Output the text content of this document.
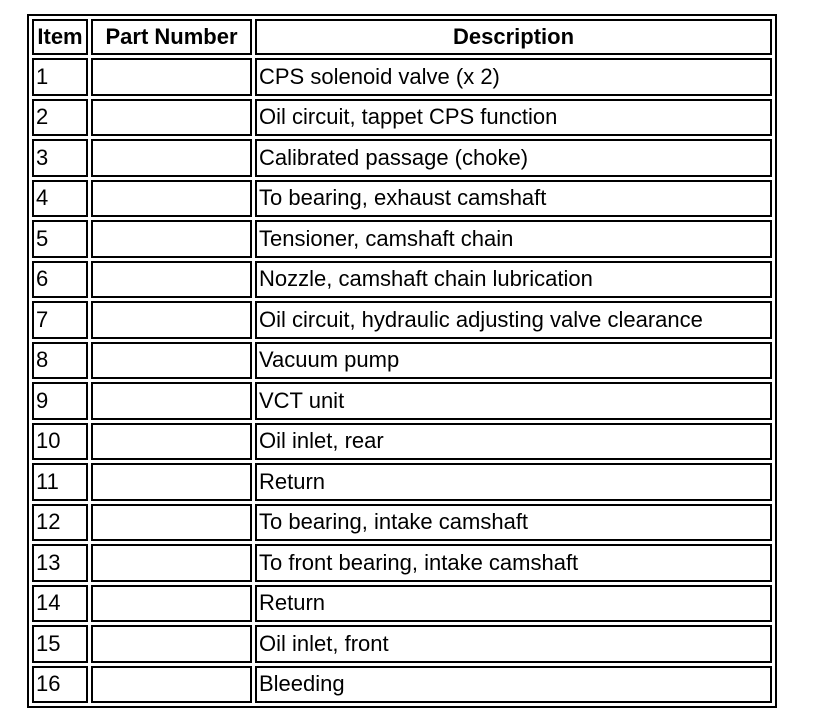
Item	Part Number	Description
1		CPS solenoid valve (x 2)
2		Oil circuit, tappet CPS function
3		Calibrated passage (choke)
4		To bearing, exhaust camshaft
5		Tensioner, camshaft chain
6		Nozzle, camshaft chain lubrication
7		Oil circuit, hydraulic adjusting valve clearance
8		Vacuum pump
9		VCT unit
10		Oil inlet, rear
11		Return
12		To bearing, intake camshaft
13		To front bearing, intake camshaft
14		Return
15		Oil inlet, front
16		Bleeding
